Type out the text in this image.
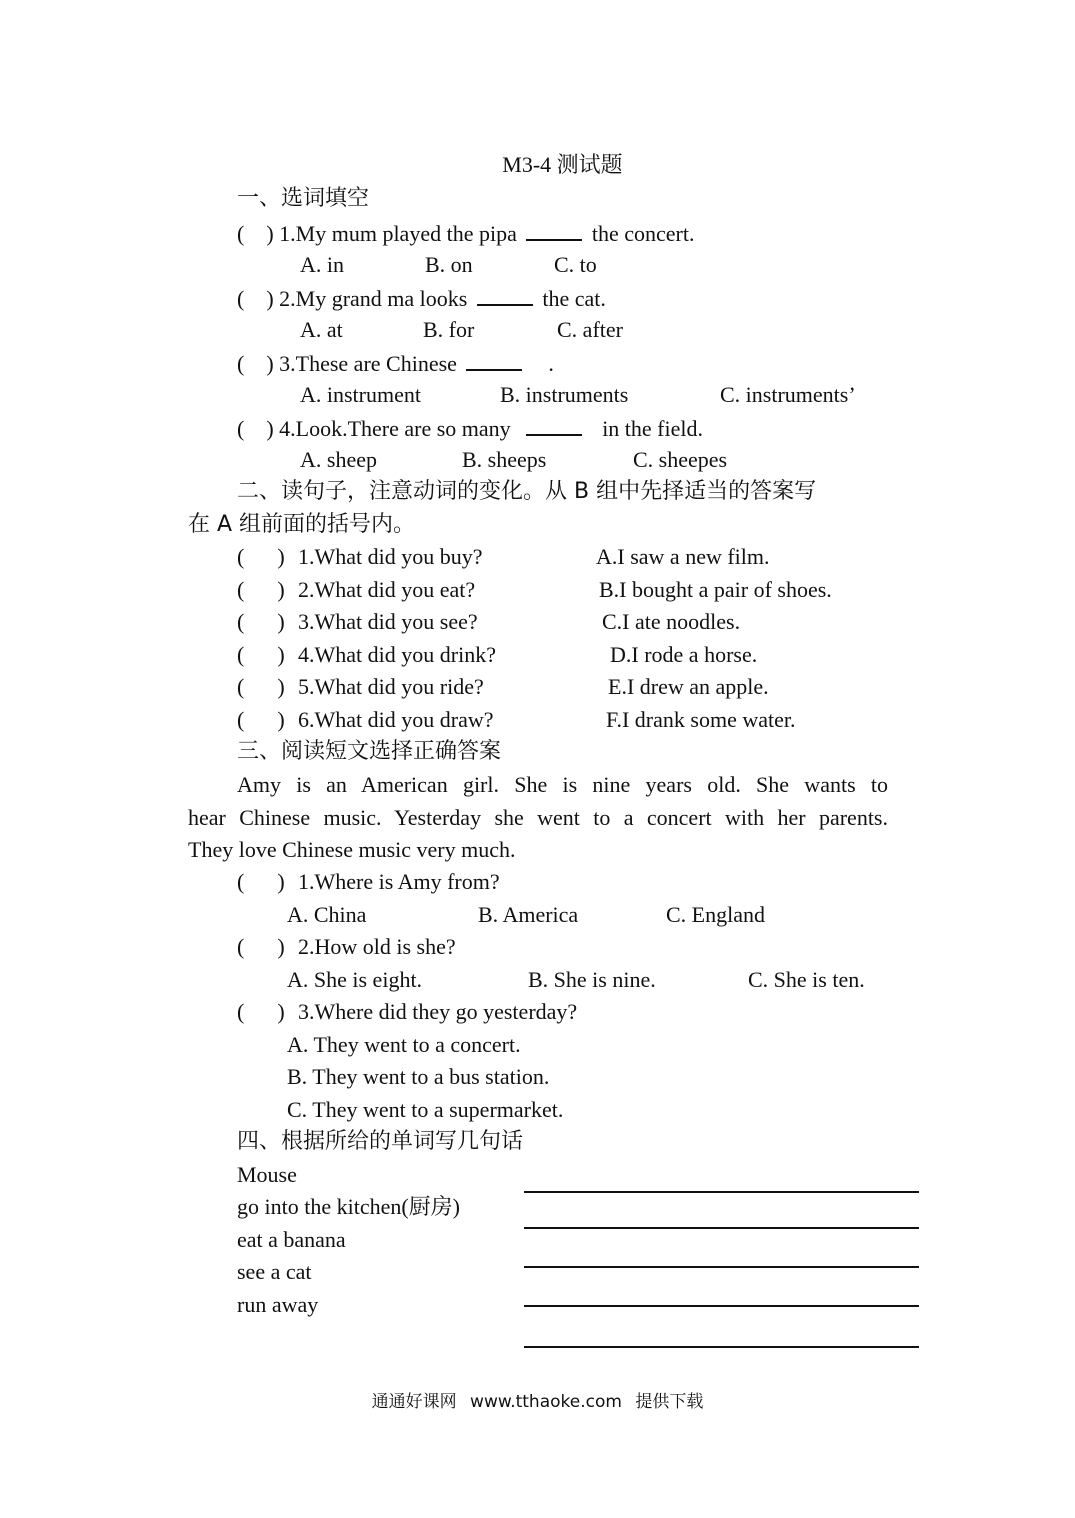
M3-4 测试题
一、选词填空
(    ) 1.My mum played the pipa	the concert.
A. in	B. on	C. to
(    ) 2.My grand ma looks	the cat.
A. at	B. for	C. after
(    ) 3.These are Chinese	.
A. instrument	B. instruments	C. instruments’
(    ) 4.Look.There are so many	in the field.
A. sheep	B. sheeps	C. sheepes
二、读句子，注意动词的变化。从 B 组中先择适当的答案写
在 A 组前面的括号内。
(      ) 1.What did you buy?	A.I saw a new film.
(      ) 2.What did you eat?	B.I bought a pair of shoes.
(      ) 3.What did you see?	C.I ate noodles.
(      ) 4.What did you drink?	D.I rode a horse.
(      ) 5.What did you ride?	E.I drew an apple.
(      ) 6.What did you draw?	F.I drank some water.
三、阅读短文选择正确答案

Amy is an American girl. She is nine years old. She wants to

hear Chinese music. Yesterday she went to a concert with her parents.

They love Chinese music very much.

(      ) 1.Where is Amy from?
A. China	B. America	C. England
(      ) 2.How old is she?
A. She is eight.	B. She is nine.	C. She is ten.
(      ) 3.Where did they go yesterday?
A. They went to a concert.
B. They went to a bus station.
C. They went to a supermarket.
四、根据所给的单词写几句话
Mouse
go into the kitchen(厨房)
eat a banana
see a cat
run away
通通好课网 www.tthaoke.com 提供下载
